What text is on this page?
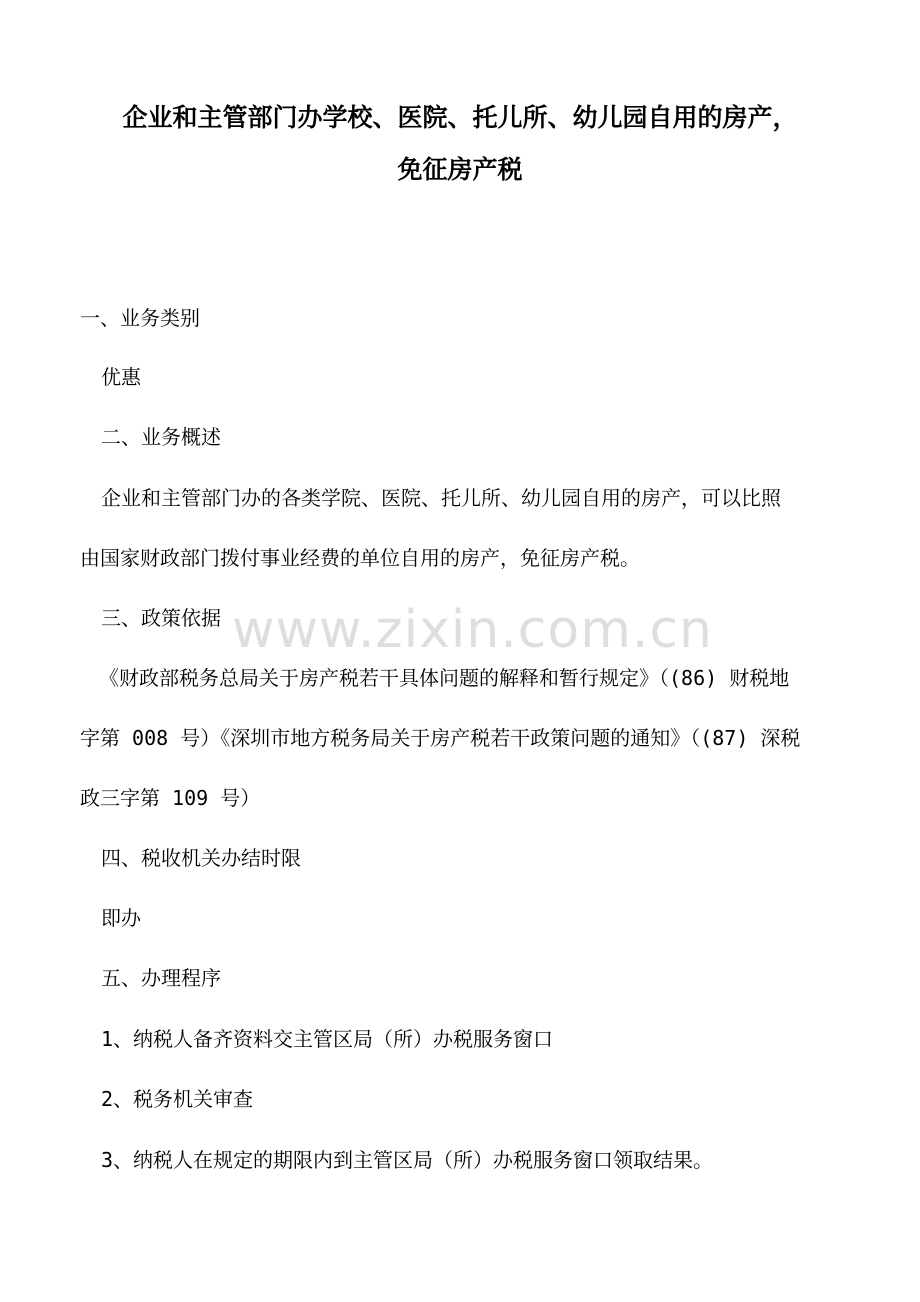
企业和主管部门办学校、医院、托儿所、幼儿园自用的房产，
免征房产税
一、业务类别
优惠
二、业务概述
企业和主管部门办的各类学院、医院、托儿所、幼儿园自用的房产，可以比照
由国家财政部门拨付事业经费的单位自用的房产，免征房产税。
三、政策依据
《财政部税务总局关于房产税若干具体问题的解释和暂行规定》（(86) 财税地
字第 008 号）《深圳市地方税务局关于房产税若干政策问题的通知》（(87) 深税
政三字第 109 号）
四、税收机关办结时限
即办
五、办理程序
1、纳税人备齐资料交主管区局（所）办税服务窗口
2、税务机关审查
3、纳税人在规定的期限内到主管区局（所）办税服务窗口领取结果。
www.zixin.com.cn
